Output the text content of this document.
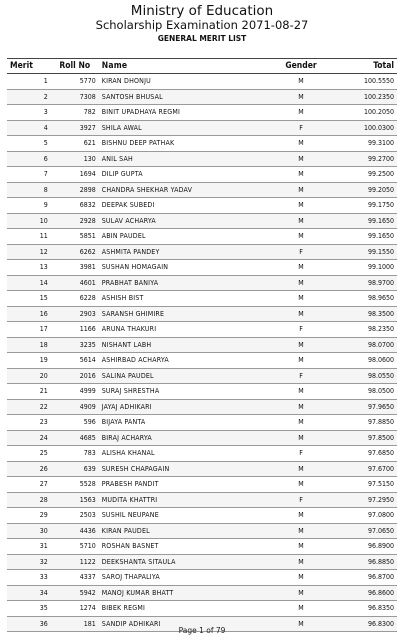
Ministry of Education
Scholarship Examination 2071-08-27
GENERAL MERIT LIST
Merit	Roll No	Name	Gender	Total
1	5770	KIRAN DHONJU	M	100.5550
2	7308	SANTOSH BHUSAL	M	100.2350
3	782	BINIT UPADHAYA REGMI	M	100.2050
4	3927	SHILA AWAL	F	100.0300
5	621	BISHNU DEEP PATHAK	M	99.3100
6	130	ANIL SAH	M	99.2700
7	1694	DILIP GUPTA	M	99.2500
8	2898	CHANDRA SHEKHAR YADAV	M	99.2050
9	6832	DEEPAK SUBEDI	M	99.1750
10	2928	SULAV ACHARYA	M	99.1650
11	5851	ABIN PAUDEL	M	99.1650
12	6262	ASHMITA PANDEY	F	99.1550
13	3981	SUSHAN HOMAGAIN	M	99.1000
14	4601	PRABHAT BANIYA	M	98.9700
15	6228	ASHISH BIST	M	98.9650
16	2903	SARANSH GHIMIRE	M	98.3500
17	1166	ARUNA THAKURI	F	98.2350
18	3235	NISHANT LABH	M	98.0700
19	5614	ASHIRBAD ACHARYA	M	98.0600
20	2016	SALINA PAUDEL	F	98.0550
21	4999	SURAJ SHRESTHA	M	98.0500
22	4909	JAYAJ ADHIKARI	M	97.9650
23	596	BIJAYA PANTA	M	97.8850
24	4685	BIRAJ ACHARYA	M	97.8500
25	783	ALISHA KHANAL	F	97.6850
26	639	SURESH CHAPAGAIN	M	97.6700
27	5528	PRABESH PANDIT	M	97.5150
28	1563	MUDITA KHATTRI	F	97.2950
29	2503	SUSHIL NEUPANE	M	97.0800
30	4436	KIRAN PAUDEL	M	97.0650
31	5710	ROSHAN BASNET	M	96.8900
32	1122	DEEKSHANTA SITAULA	M	96.8850
33	4337	SAROJ THAPALIYA	M	96.8700
34	5942	MANOJ KUMAR BHATT	M	96.8600
35	1274	BIBEK REGMI	M	96.8350
36	181	SANDIP ADHIKARI	M	96.8300
Page 1 of 79
